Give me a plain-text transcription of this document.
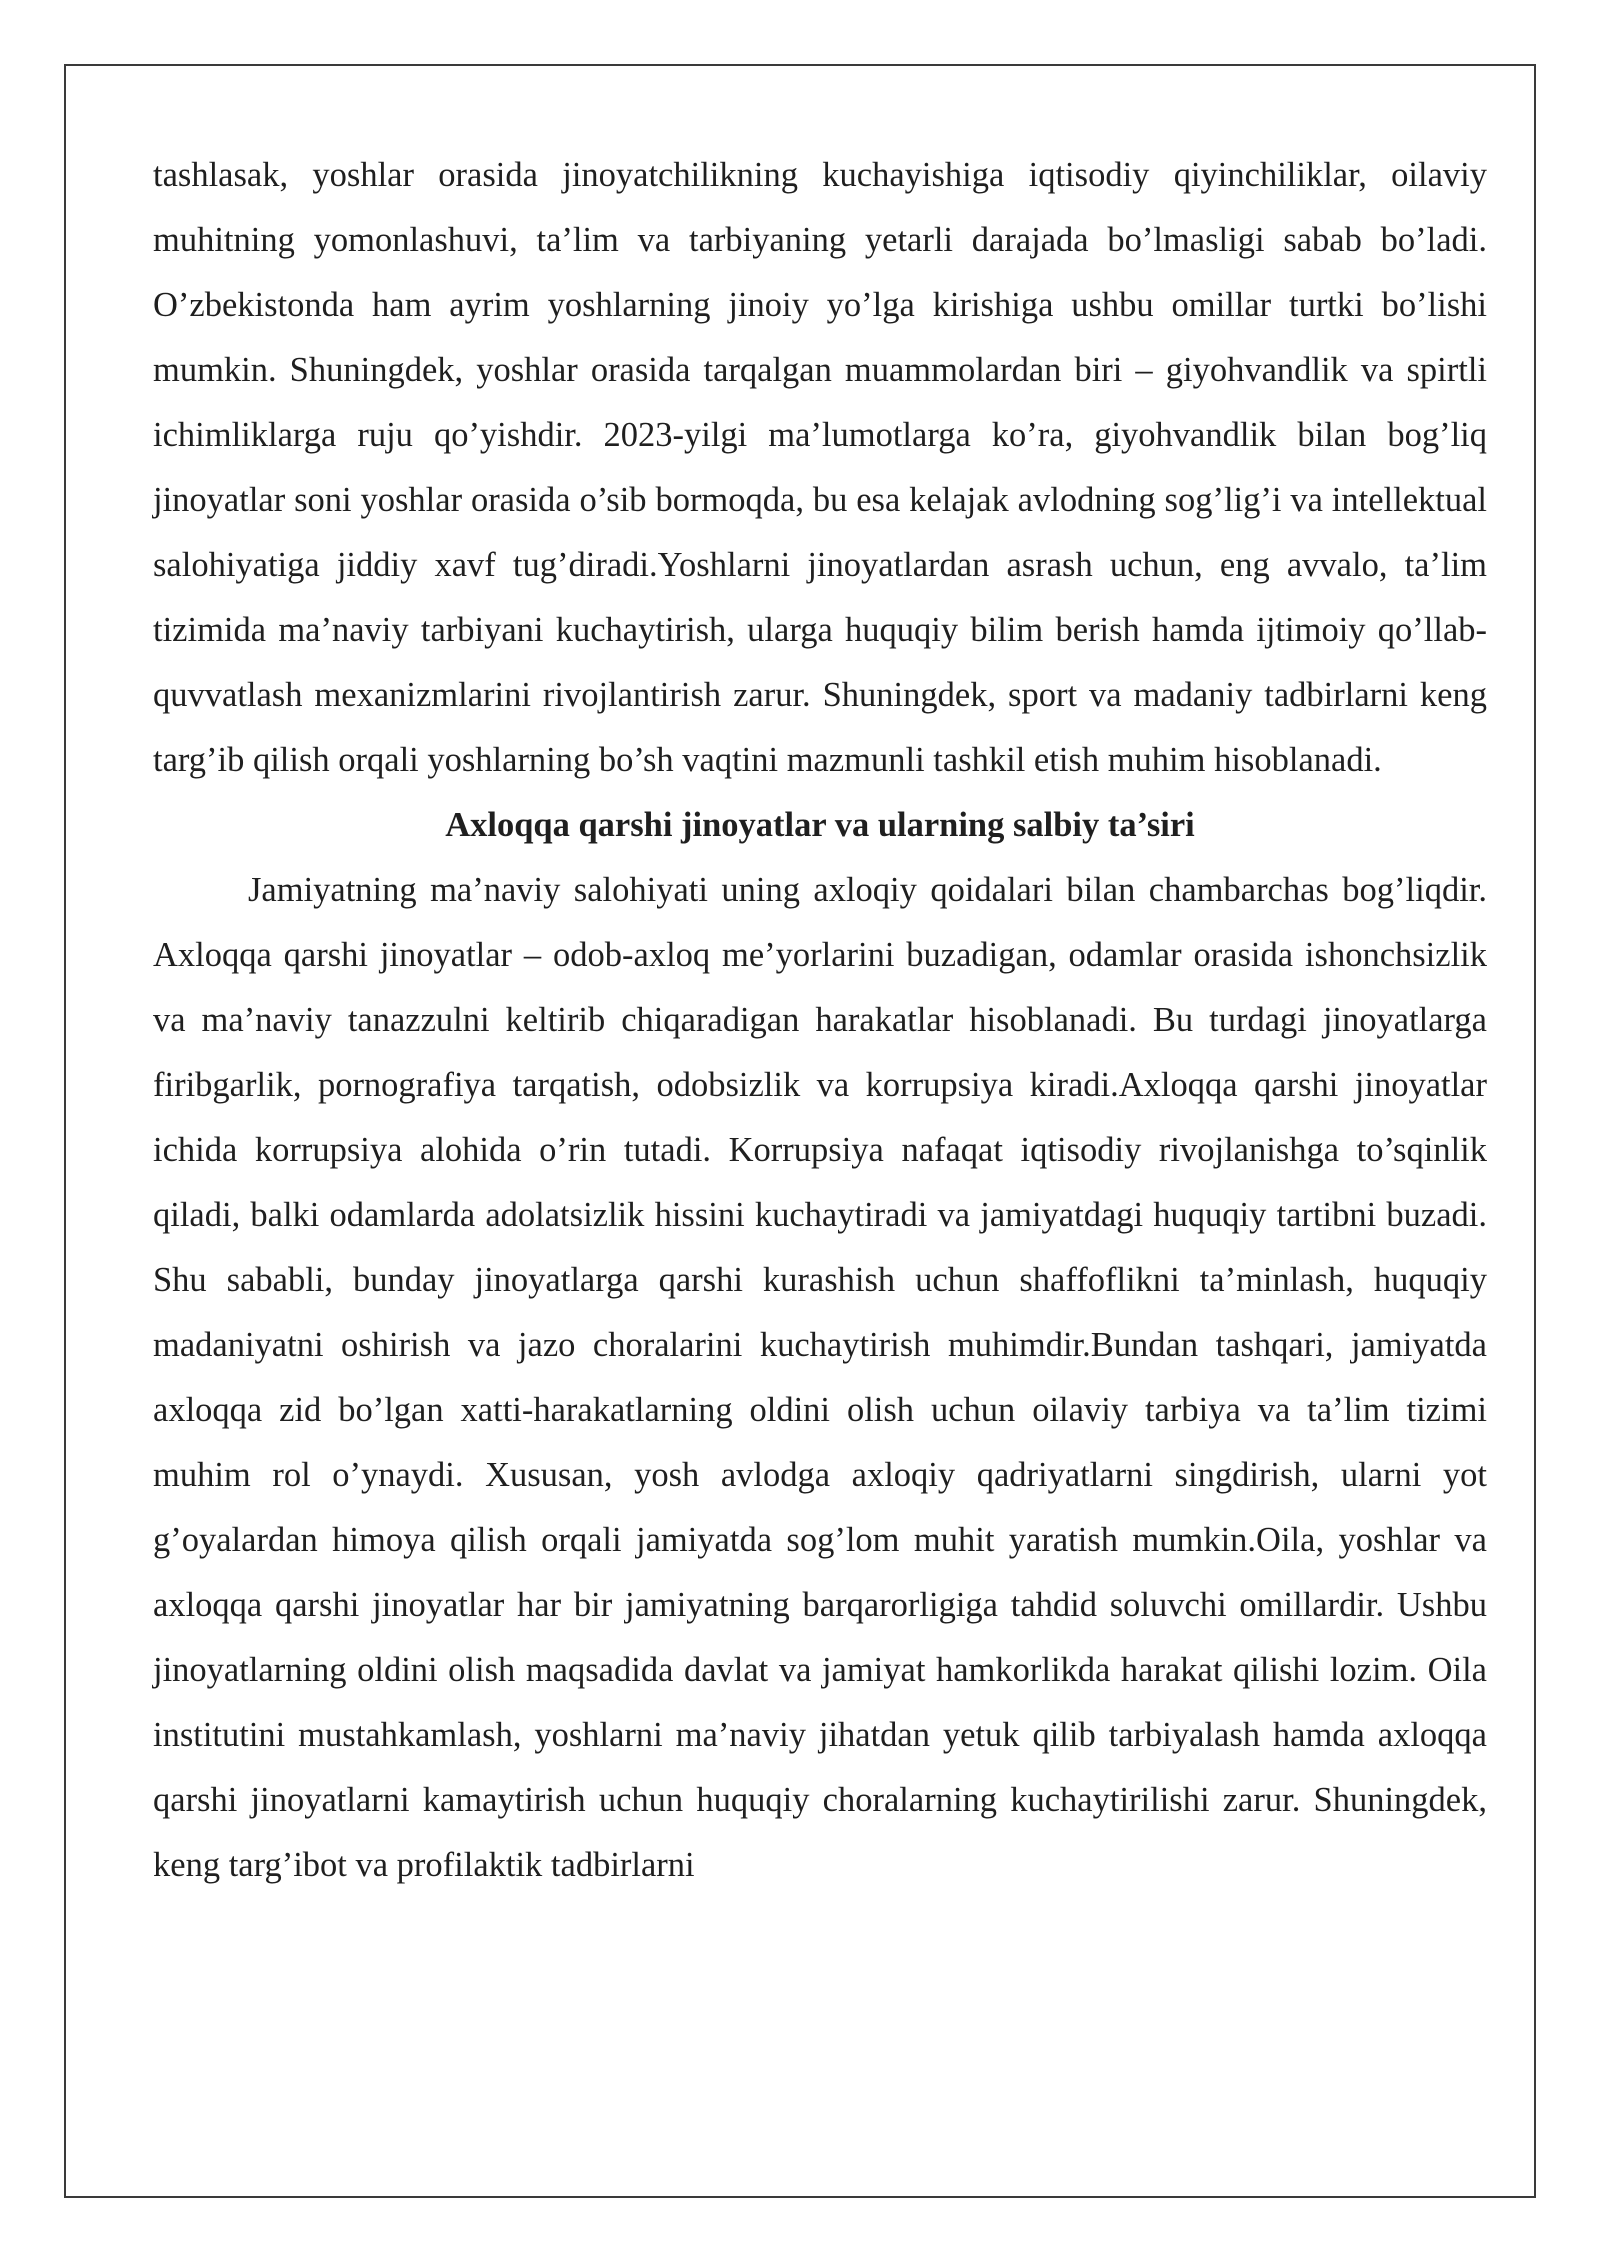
tashlasak, yoshlar orasida jinoyatchilikning kuchayishiga iqtisodiy qiyinchiliklar, oilaviy muhitning yomonlashuvi, ta’lim va tarbiyaning yetarli darajada bo’lmasligi sabab bo’ladi. O’zbekistonda ham ayrim yoshlarning jinoiy yo’lga kirishiga ushbu omillar turtki bo’lishi mumkin. Shuningdek, yoshlar orasida tarqalgan muammolardan biri – giyohvandlik va spirtli ichimliklarga ruju qo’yishdir. 2023-yilgi ma’lumotlarga ko’ra, giyohvandlik bilan bog’liq jinoyatlar soni yoshlar orasida o’sib bormoqda, bu esa kelajak avlodning sog’lig’i va intellektual salohiyatiga jiddiy xavf tug’diradi.Yoshlarni jinoyatlardan asrash uchun, eng avvalo, ta’lim tizimida ma’naviy tarbiyani kuchaytirish, ularga huquqiy bilim berish hamda ijtimoiy qo’llab-quvvatlash mexanizmlarini rivojlantirish zarur. Shuningdek, sport va madaniy tadbirlarni keng targ’ib qilish orqali yoshlarning bo’sh vaqtini mazmunli tashkil etish muhim hisoblanadi.

Axloqqa qarshi jinoyatlar va ularning salbiy ta’siri

Jamiyatning ma’naviy salohiyati uning axloqiy qoidalari bilan chambarchas bog’liqdir. Axloqqa qarshi jinoyatlar – odob-axloq me’yorlarini buzadigan, odamlar orasida ishonchsizlik va ma’naviy tanazzulni keltirib chiqaradigan harakatlar hisoblanadi. Bu turdagi jinoyatlarga firibgarlik, pornografiya tarqatish, odobsizlik va korrupsiya kiradi.Axloqqa qarshi jinoyatlar ichida korrupsiya alohida o’rin tutadi. Korrupsiya nafaqat iqtisodiy rivojlanishga to’sqinlik qiladi, balki odamlarda adolatsizlik hissini kuchaytiradi va jamiyatdagi huquqiy tartibni buzadi. Shu sababli, bunday jinoyatlarga qarshi kurashish uchun shaffoflikni ta’minlash, huquqiy madaniyatni oshirish va jazo choralarini kuchaytirish muhimdir.Bundan tashqari, jamiyatda axloqqa zid bo’lgan xatti-harakatlarning oldini olish uchun oilaviy tarbiya va ta’lim tizimi muhim rol o’ynaydi. Xususan, yosh avlodga axloqiy qadriyatlarni singdirish, ularni yot g’oyalardan himoya qilish orqali jamiyatda sog’lom muhit yaratish mumkin.Oila, yoshlar va axloqqa qarshi jinoyatlar har bir jamiyatning barqarorligiga tahdid soluvchi omillardir. Ushbu jinoyatlarning oldini olish maqsadida davlat va jamiyat hamkorlikda harakat qilishi lozim. Oila institutini mustahkamlash, yoshlarni ma’naviy jihatdan yetuk qilib tarbiyalash hamda axloqqa qarshi jinoyatlarni kamaytirish uchun huquqiy choralarning kuchaytirilishi zarur. Shuningdek, keng targ’ibot va profilaktik tadbirlarni
